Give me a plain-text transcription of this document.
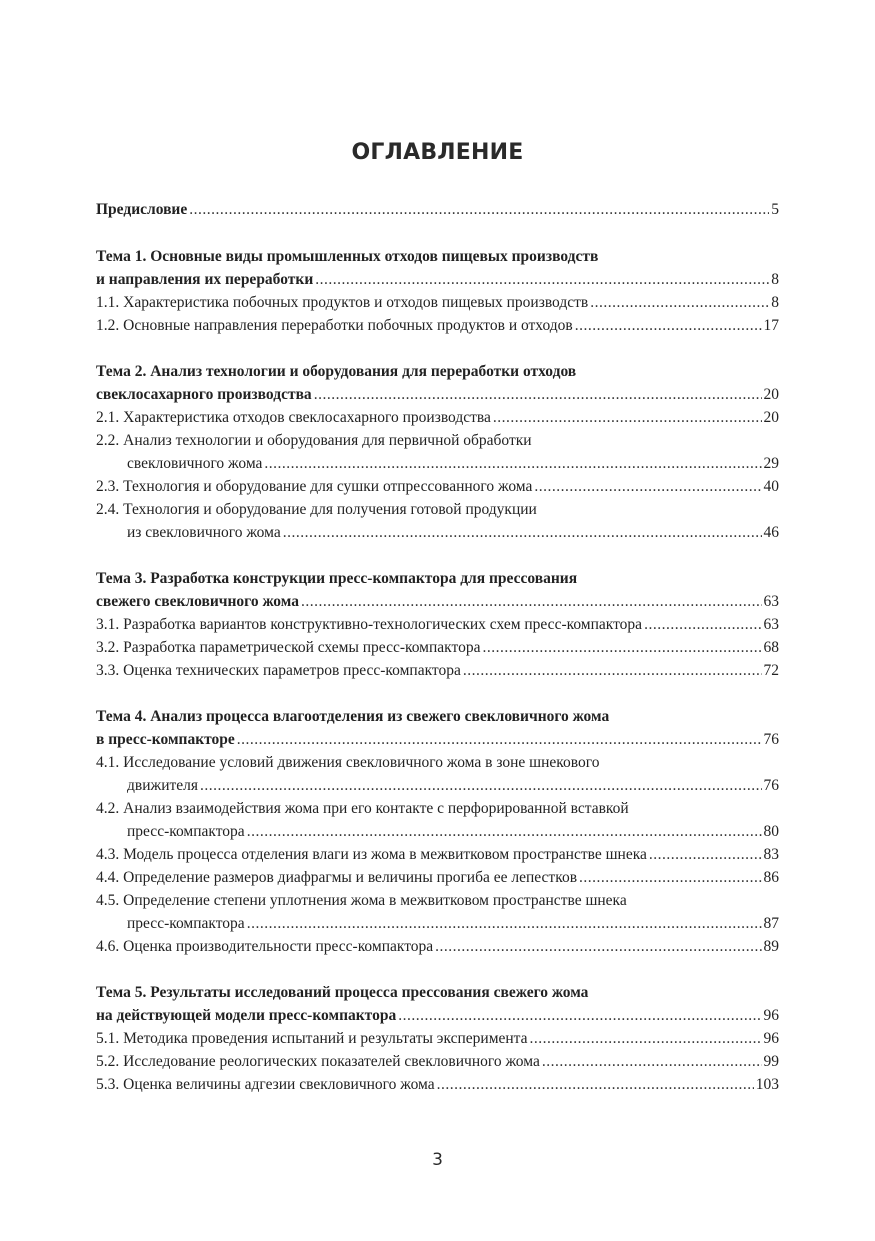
ОГЛАВЛЕНИЕ
Предисловие .....	5
Тема 1. Основные виды промышленных отходов пищевых производств
и направления их переработки .....	8
1.1. Характеристика побочных продуктов и отходов пищевых производств .....	8
1.2. Основные направления переработки побочных продуктов и отходов .....	17
Тема 2. Анализ технологии и оборудования для переработки отходов
свеклосахарного производства .....	20
2.1. Характеристика отходов свеклосахарного производства .....	20
2.2. Анализ технологии и оборудования для первичной обработки
свекловичного жома .....	29
2.3. Технология и оборудование для сушки отпрессованного жома .....	40
2.4. Технология и оборудование для получения готовой продукции
из свекловичного жома .....	46
Тема 3. Разработка конструкции пресс-компактора для прессования
свежего свекловичного жома .....	63
3.1. Разработка вариантов конструктивно-технологических схем пресс-компактора .....	63
3.2. Разработка параметрической схемы пресс-компактора .....	68
3.3. Оценка технических параметров пресс-компактора .....	72
Тема 4. Анализ процесса влагоотделения из свежего свекловичного жома
в пресс-компакторе .....	76
4.1. Исследование условий движения свекловичного жома в зоне шнекового
движителя .....	76
4.2. Анализ взаимодействия жома при его контакте с перфорированной вставкой
пресс-компактора .....	80
4.3. Модель процесса отделения влаги из жома в межвитковом пространстве шнека .....	83
4.4. Определение размеров диафрагмы и величины прогиба ее лепестков .....	86
4.5. Определение степени уплотнения жома в межвитковом пространстве шнека
пресс-компактора .....	87
4.6. Оценка производительности пресс-компактора .....	89
Тема 5. Результаты исследований процесса прессования свежего жома
на действующей модели пресс-компактора .....	96
5.1. Методика проведения испытаний и результаты эксперимента .....	96
5.2. Исследование реологических показателей свекловичного жома .....	99
5.3. Оценка величины адгезии свекловичного жома .....	103
3
